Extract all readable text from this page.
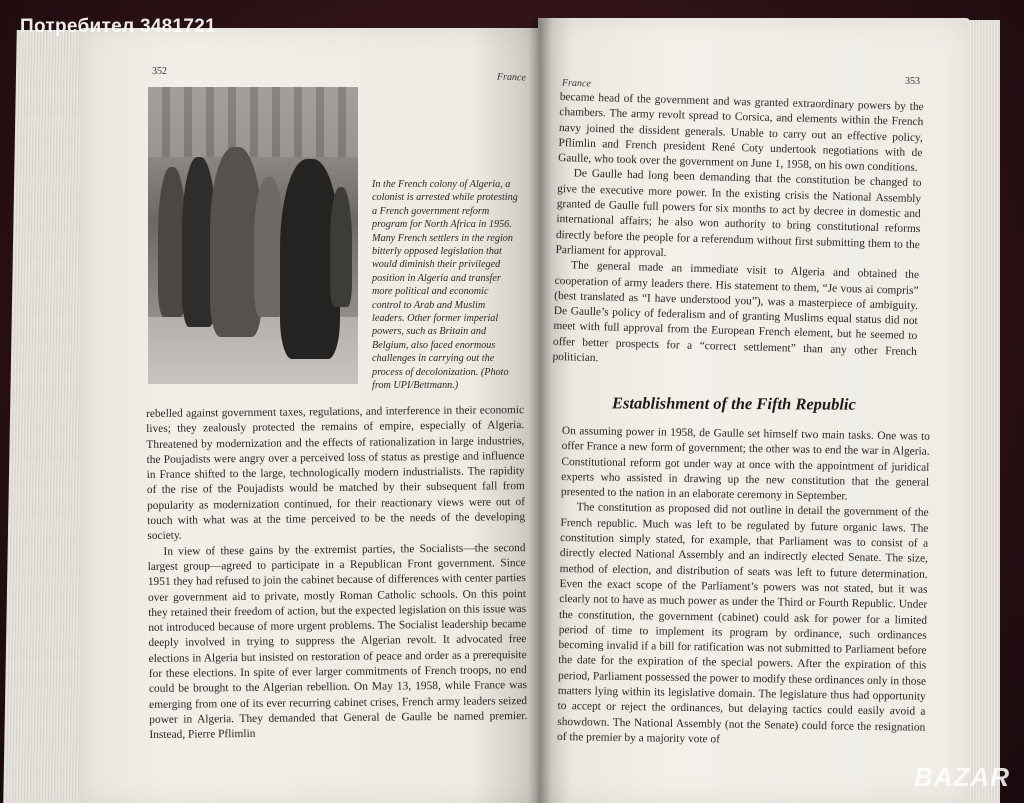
Потребител 3481721
352	France
In the French colony of Algeria, a colonist is arrested while protesting a French government reform program for North Africa in 1956. Many French settlers in the region bitterly opposed legislation that would diminish their privileged position in Algeria and transfer more political and economic control to Arab and Muslim leaders. Other former imperial powers, such as Britain and Belgium, also faced enormous challenges in carrying out the process of decolonization. (Photo from UPI/Bettmann.)

rebelled against government taxes, regulations, and interference in their economic lives; they zealously protected the remains of empire, especially of Algeria. Threatened by modernization and the effects of rationalization in large industries, the Poujadists were angry over a perceived loss of status as prestige and influence in France shifted to the large, technologically modern industrialists. The rapidity of the rise of the Poujadists would be matched by their subsequent fall from popularity as modernization continued, for their reactionary views were out of touch with what was at the time perceived to be the needs of the developing society.

In view of these gains by the extremist parties, the Socialists—the second largest group—agreed to participate in a Republican Front government. Since 1951 they had refused to join the cabinet because of differences with center parties over government aid to private, mostly Roman Catholic schools. On this point they retained their freedom of action, but the expected legislation on this issue was not introduced because of more urgent problems. The Socialist leadership became deeply involved in trying to suppress the Algerian revolt. It advocated free elections in Algeria but insisted on restoration of peace and order as a prerequisite for these elections. In spite of ever larger commitments of French troops, no end could be brought to the Algerian rebellion. On May 13, 1958, while France was emerging from one of its ever recurring cabinet crises, French army leaders seized power in Algeria. They demanded that General de Gaulle be named premier. Instead, Pierre Pflimlin

France	353

became head of the government and was granted extraordinary powers by the chambers. The army revolt spread to Corsica, and elements within the French navy joined the dissident generals. Unable to carry out an effective policy, Pflimlin and French president René Coty undertook negotiations with de Gaulle, who took over the government on June 1, 1958, on his own conditions.

De Gaulle had long been demanding that the constitution be changed to give the executive more power. In the existing crisis the National Assembly granted de Gaulle full powers for six months to act by decree in domestic and international affairs; he also won authority to bring constitutional reforms directly before the people for a referendum without first submitting them to the Parliament for approval.

The general made an immediate visit to Algeria and obtained the cooperation of army leaders there. His statement to them, “Je vous ai compris” (best translated as “I have understood you”), was a masterpiece of ambiguity. De Gaulle’s policy of federalism and of granting Muslims equal status did not meet with full approval from the European French element, but he seemed to offer better prospects for a “correct settlement” than any other French politician.

Establishment of the Fifth Republic

On assuming power in 1958, de Gaulle set himself two main tasks. One was to offer France a new form of government; the other was to end the war in Algeria. Constitutional reform got under way at once with the appointment of juridical experts who assisted in drawing up the new constitution that the general presented to the nation in an elaborate ceremony in September.

The constitution as proposed did not outline in detail the government of the French republic. Much was left to be regulated by future organic laws. The constitution simply stated, for example, that Parliament was to consist of a directly elected National Assembly and an indirectly elected Senate. The size, method of election, and distribution of seats was left to future determination. Even the exact scope of the Parliament’s powers was not stated, but it was clearly not to have as much power as under the Third or Fourth Republic. Under the constitution, the government (cabinet) could ask for power for a limited period of time to implement its program by ordinance, such ordinances becoming invalid if a bill for ratification was not submitted to Parliament before the date for the expiration of the special powers. After the expiration of this period, Parliament possessed the power to modify these ordinances only in those matters lying within its legislative domain. The legislature thus had opportunity to accept or reject the ordinances, but delaying tactics could easily avoid a showdown. The National Assembly (not the Senate) could force the resignation of the premier by a majority vote of

BAZAR
